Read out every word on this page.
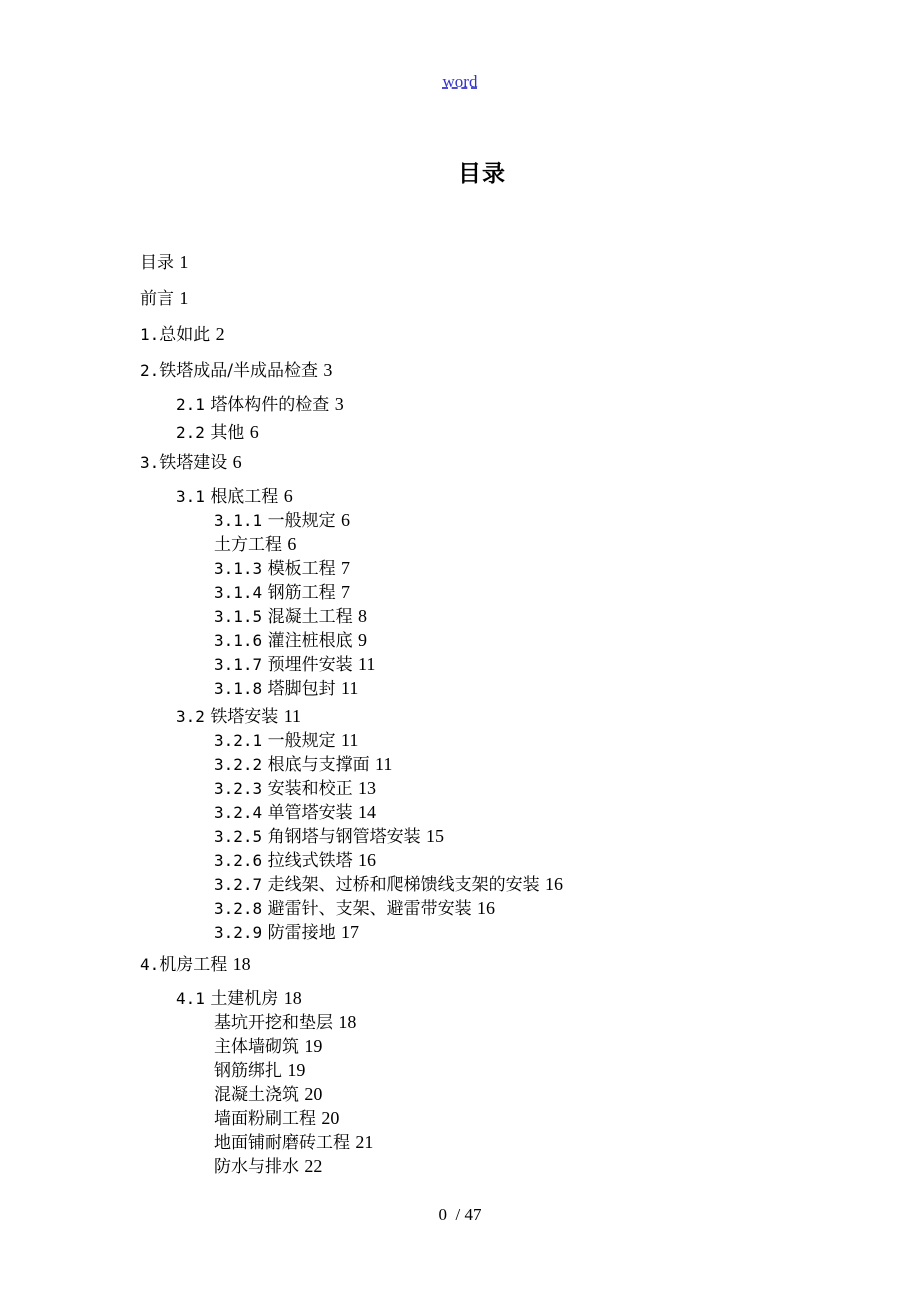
word
目录
目录 1
前言 1
1.总如此 2
2.铁塔成品/半成品检查 3
2.1 塔体构件的检查 3
2.2 其他 6
3.铁塔建设 6
3.1 根底工程 6
3.1.1 一般规定 6
土方工程 6
3.1.3 模板工程 7
3.1.4 钢筋工程 7
3.1.5 混凝土工程 8
3.1.6 灌注桩根底 9
3.1.7 预埋件安装 11
3.1.8 塔脚包封 11
3.2 铁塔安装 11
3.2.1 一般规定 11
3.2.2 根底与支撑面 11
3.2.3 安装和校正 13
3.2.4 单管塔安装 14
3.2.5 角钢塔与钢管塔安装 15
3.2.6 拉线式铁塔 16
3.2.7 走线架、过桥和爬梯馈线支架的安装 16
3.2.8 避雷针、支架、避雷带安装 16
3.2.9 防雷接地 17
4.机房工程 18
4.1 土建机房 18
基坑开挖和垫层 18
主体墙砌筑 19
钢筋绑扎 19
混凝土浇筑 20
墙面粉刷工程 20
地面铺耐磨砖工程 21
防水与排水 22
0 / 47
